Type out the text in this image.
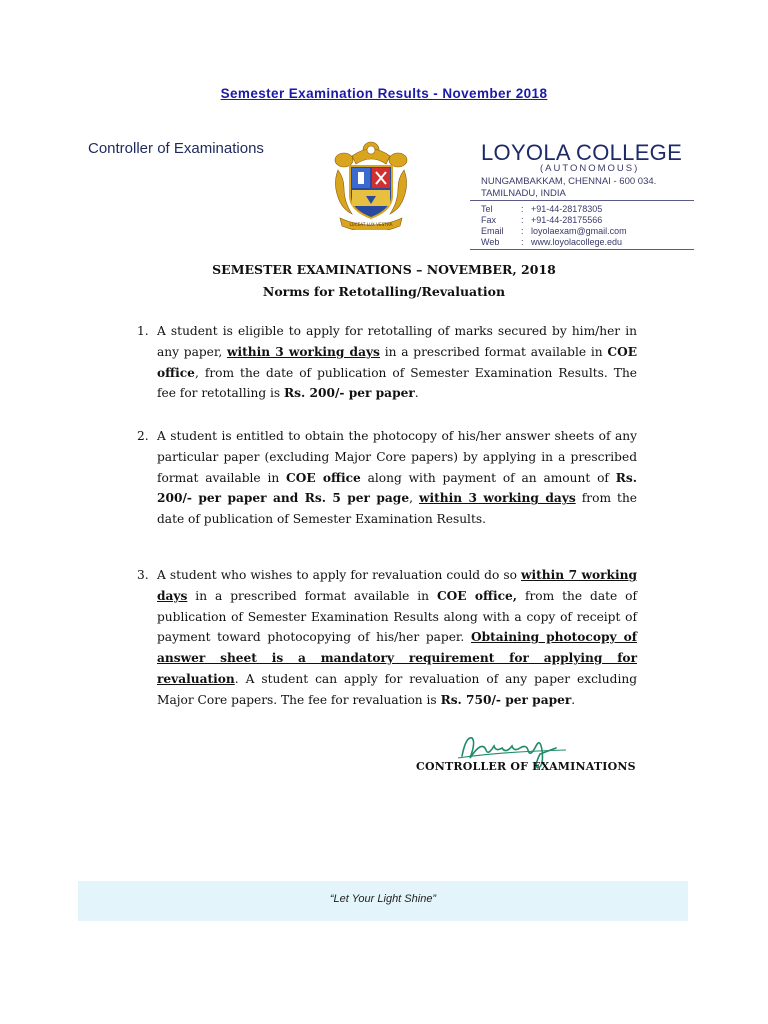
Semester Examination Results - November 2018
Controller of Examinations
LUCEAT LUX VESTRA
LOYOLA COLLEGE
(AUTONOMOUS)
NUNGAMBAKKAM, CHENNAI - 600 034.
TAMILNADU, INDIA
Tel	: +91-44-28178305
Fax	: +91-44-28175566
Email	: loyolaexam@gmail.com
Web	: www.loyolacollege.edu
SEMESTER EXAMINATIONS – NOVEMBER, 2018
Norms for Retotalling/Revaluation
1. A student is eligible to apply for retotalling of marks secured by him/her in any paper, within 3 working days in a prescribed format available in COE office, from the date of publication of Semester Examination Results. The fee for retotalling is Rs. 200/- per paper.
2. A student is entitled to obtain the photocopy of his/her answer sheets of any particular paper (excluding Major Core papers) by applying in a prescribed format available in COE office along with payment of an amount of Rs. 200/- per paper and Rs. 5 per page, within 3 working days from the date of publication of Semester Examination Results.
3. A student who wishes to apply for revaluation could do so within 7 working days in a prescribed format available in COE office, from the date of publication of Semester Examination Results along with a copy of receipt of payment toward photocopying of his/her paper. Obtaining photocopy of answer sheet is a mandatory requirement for applying for revaluation. A student can apply for revaluation of any paper excluding Major Core papers. The fee for revaluation is Rs. 750/- per paper.
CONTROLLER OF EXAMINATIONS
“Let Your Light Shine”
